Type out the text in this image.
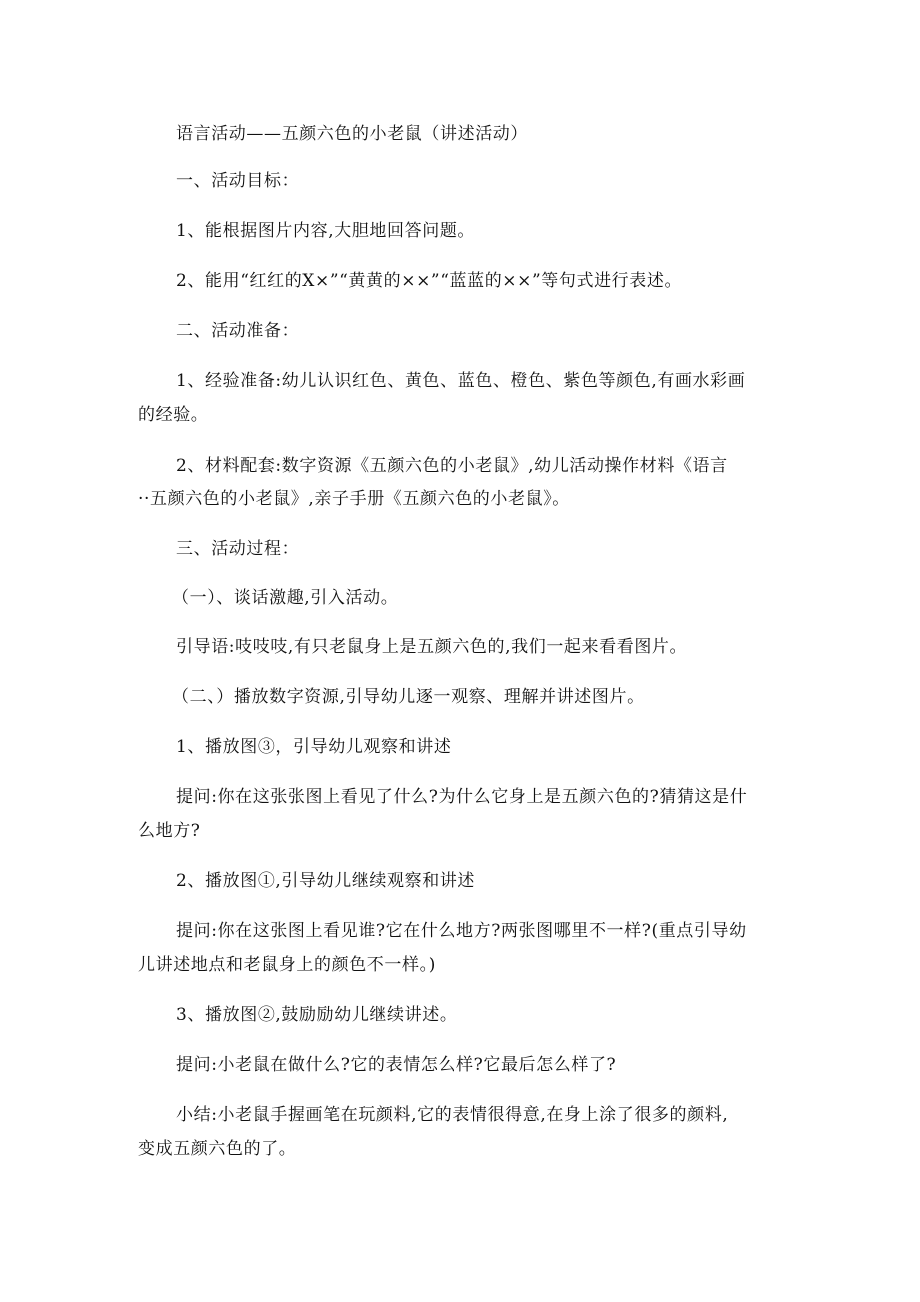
语言活动——五颜六色的小老鼠（讲述活动）
一、活动目标：
1、能根据图片内容,大胆地回答问题。
2、能用“红红的X×”“黄黄的××”“蓝蓝的××”等句式进行表述。
二、活动准备：
1、经验准备:幼儿认识红色、黄色、蓝色、橙色、紫色等颜色,有画水彩画
的经验。
2、材料配套:数字资源《五颜六色的小老鼠》,幼儿活动操作材料《语言
··五颜六色的小老鼠》,亲子手册《五颜六色的小老鼠》。
三、活动过程：
（一）、谈话激趣,引入活动。
引导语:吱吱吱,有只老鼠身上是五颜六色的,我们一起来看看图片。
（二、）播放数字资源,引导幼儿逐一观察、理解并讲述图片。
1、播放图③，引导幼儿观察和讲述
提问:你在这张张图上看见了什么?为什么它身上是五颜六色的?猜猜这是什
么地方?
2、播放图①,引导幼儿继续观察和讲述
提问:你在这张图上看见谁?它在什么地方?两张图哪里不一样?(重点引导幼
儿讲述地点和老鼠身上的颜色不一样。)
3、播放图②,鼓励励幼儿继续讲述。
提问:小老鼠在做什么?它的表情怎么样?它最后怎么样了?
小结:小老鼠手握画笔在玩颜料,它的表情很得意,在身上涂了很多的颜料,
变成五颜六色的了。
